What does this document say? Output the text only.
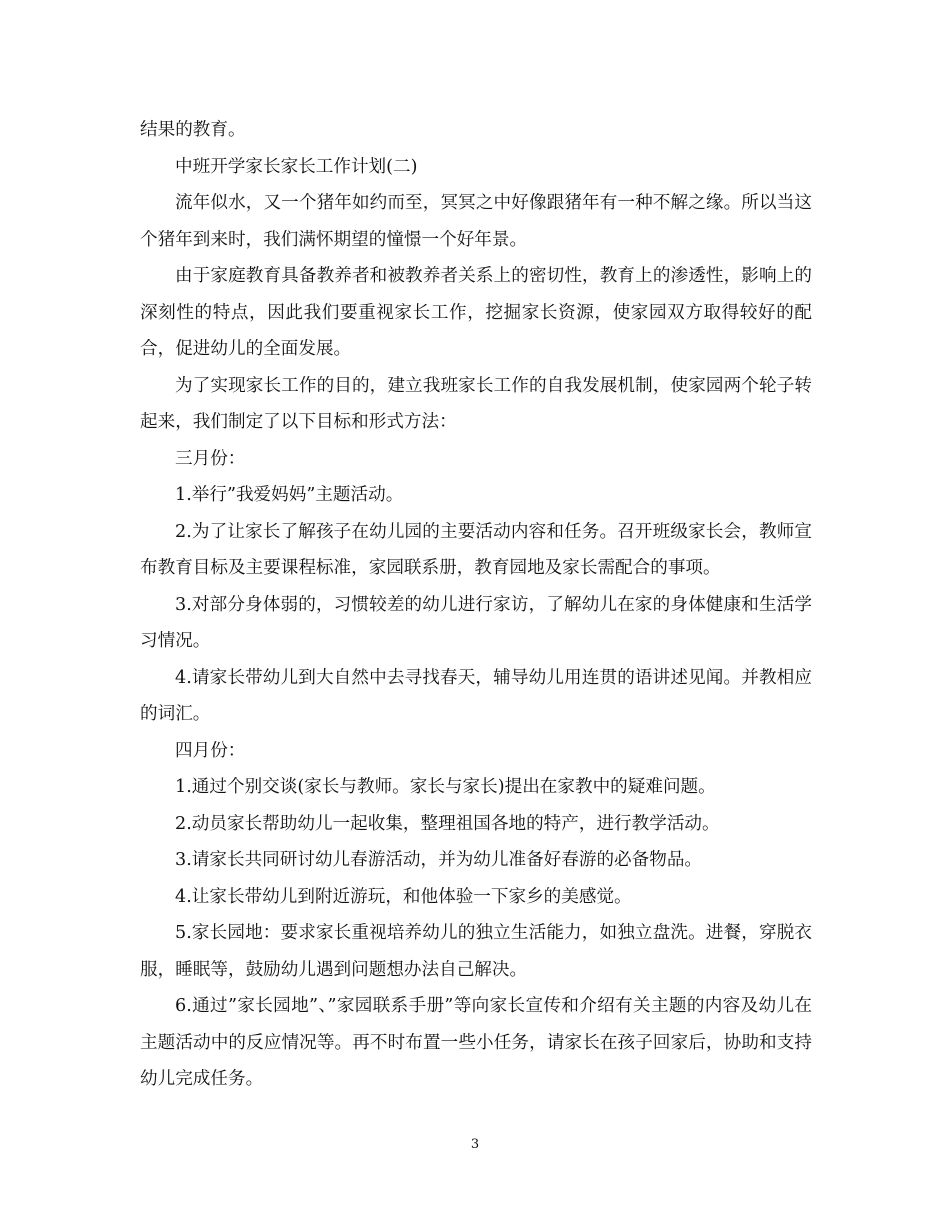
结果的教育。

中班开学家长家长工作计划(二)

流年似水，又一个猪年如约而至，冥冥之中好像跟猪年有一种不解之缘。所以当这个猪年到来时，我们满怀期望的憧憬一个好年景。

由于家庭教育具备教养者和被教养者关系上的密切性，教育上的渗透性，影响上的深刻性的特点，因此我们要重视家长工作，挖掘家长资源，使家园双方取得较好的配合，促进幼儿的全面发展。

为了实现家长工作的目的，建立我班家长工作的自我发展机制，使家园两个轮子转起来，我们制定了以下目标和形式方法：

三月份：

1.举行”我爱妈妈”主题活动。

2.为了让家长了解孩子在幼儿园的主要活动内容和任务。召开班级家长会，教师宣布教育目标及主要课程标准，家园联系册，教育园地及家长需配合的事项。

3.对部分身体弱的，习惯较差的幼儿进行家访，了解幼儿在家的身体健康和生活学习情况。

4.请家长带幼儿到大自然中去寻找春天，辅导幼儿用连贯的语讲述见闻。并教相应的词汇。

四月份：

1.通过个别交谈(家长与教师。家长与家长)提出在家教中的疑难问题。

2.动员家长帮助幼儿一起收集，整理祖国各地的特产，进行教学活动。

3.请家长共同研讨幼儿春游活动，并为幼儿准备好春游的必备物品。

4.让家长带幼儿到附近游玩，和他体验一下家乡的美感觉。

5.家长园地：要求家长重视培养幼儿的独立生活能力，如独立盘洗。进餐，穿脱衣服，睡眠等，鼓励幼儿遇到问题想办法自己解决。

6.通过”家长园地”、”家园联系手册”等向家长宣传和介绍有关主题的内容及幼儿在主题活动中的反应情况等。再不时布置一些小任务，请家长在孩子回家后，协助和支持幼儿完成任务。

3
